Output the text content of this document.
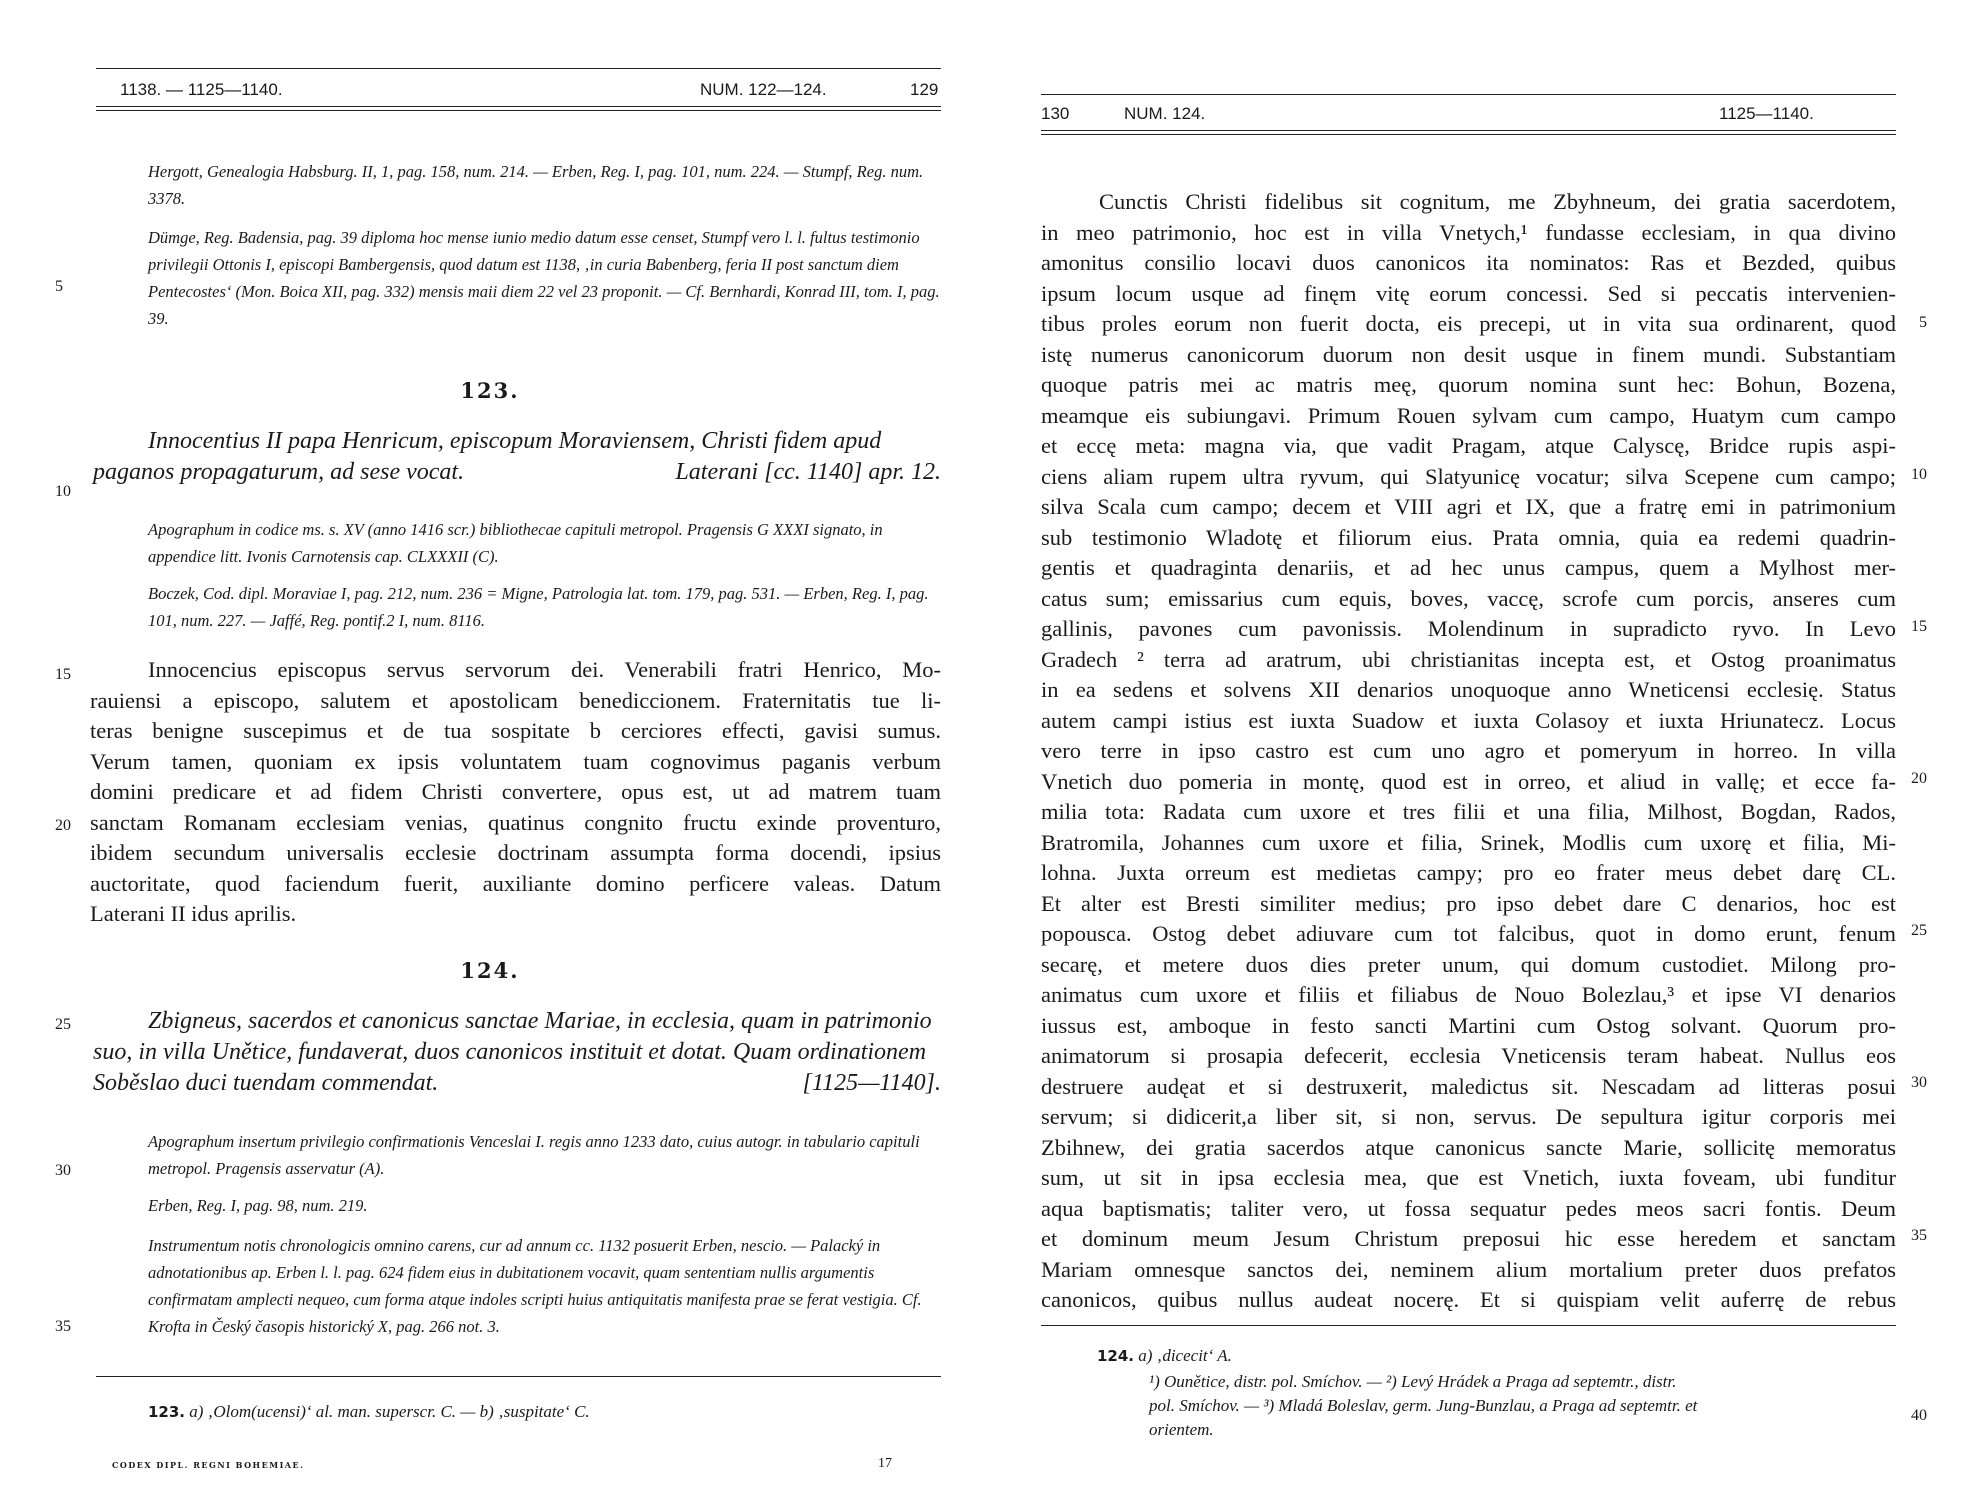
1138. — 1125—1140.	NUM. 122—124.	129

Hergott, Genealogia Habsburg. II, 1, pag. 158, num. 214. — Erben, Reg. I, pag. 101, num. 224. — Stumpf, Reg. num. 3378.

Dümge, Reg. Badensia, pag. 39 diploma hoc mense iunio medio datum esse censet, Stumpf vero l. l. fultus testimonio privilegii Ottonis I, episcopi Bambergensis, quod datum est 1138, ‚in curia Babenberg, feria II post sanctum diem Pentecostes‘ (Mon. Boica XII, pag. 332) mensis maii diem 22 vel 23 proponit. — Cf. Bernhardi, Konrad III, tom. I, pag. 39.

123.

Innocentius II papa Henricum, episcopum Moraviensem, Christi fidem apud paganos propagaturum, ad sese vocat.	Laterani [cc. 1140] apr. 12.

Apographum in codice ms. s. XV (anno 1416 scr.) bibliothecae capituli metropol. Pragensis G XXXI signato, in appendice litt. Ivonis Carnotensis cap. CLXXXII (C).

Boczek, Cod. dipl. Moraviae I, pag. 212, num. 236 = Migne, Patrologia lat. tom. 179, pag. 531. — Erben, Reg. I, pag. 101, num. 227. — Jaffé, Reg. pontif.2 I, num. 8116.

Innocencius episcopus servus servorum dei. Venerabili fratri Henrico, Mo-
rauiensi a episcopo, salutem et apostolicam benediccionem. Fraternitatis tue li-
teras benigne suscepimus et de tua sospitate b cerciores effecti, gavisi sumus.
Verum tamen, quoniam ex ipsis voluntatem tuam cognovimus paganis verbum
domini predicare et ad fidem Christi convertere, opus est, ut ad matrem tuam
sanctam Romanam ecclesiam venias, quatinus congnito fructu exinde proventuro,
ibidem secundum universalis ecclesie doctrinam assumpta forma docendi, ipsius
auctoritate, quod faciendum fuerit, auxiliante domino perficere valeas. Datum
Laterani II idus aprilis.
124.

Zbigneus, sacerdos et canonicus sanctae Mariae, in ecclesia, quam in patrimonio suo, in villa Unětice, fundaverat, duos canonicos instituit et dotat. Quam ordinationem Soběslao duci tuendam commendat.	[1125—1140].

Apographum insertum privilegio confirmationis Venceslai I. regis anno 1233 dato, cuius autogr. in tabulario capituli metropol. Pragensis asservatur (A).

Erben, Reg. I, pag. 98, num. 219.

Instrumentum notis chronologicis omnino carens, cur ad annum cc. 1132 posuerit Erben, nescio. — Palacký in adnotationibus ap. Erben l. l. pag. 624 fidem eius in dubitationem vocavit, quam sententiam nullis argumentis confirmatam amplecti nequeo, cum forma atque indoles scripti huius antiquitatis manifesta prae se ferat vestigia. Cf. Krofta in Český časopis historický X, pag. 266 not. 3.

5
10
15
20
25
30
35

123. a) ‚Olom(ucensi)‘ al. man. superscr. C. — b) ‚suspitate‘ C.

CODEX DIPL. REGNI BOHEMIAE.	17
130	NUM. 124.	1125—1140.
Cunctis Christi fidelibus sit cognitum, me Zbyhneum, dei gratia sacerdotem,
in meo patrimonio, hoc est in villa Vnetych,¹ fundasse ecclesiam, in qua divino
amonitus consilio locavi duos canonicos ita nominatos: Ras et Bezded, quibus
ipsum locum usque ad finęm vitę eorum concessi. Sed si peccatis intervenien-
tibus proles eorum non fuerit docta, eis precepi, ut in vita sua ordinarent, quod
istę numerus canonicorum duorum non desit usque in finem mundi. Substantiam
quoque patris mei ac matris meę, quorum nomina sunt hec: Bohun, Bozena,
meamque eis subiungavi. Primum Rouen sylvam cum campo, Huatym cum campo
et eccę meta: magna via, que vadit Pragam, atque Calyscę, Bridce rupis aspi-
ciens aliam rupem ultra ryvum, qui Slatyunicę vocatur; silva Scepene cum campo;
silva Scala cum campo; decem et VIII agri et IX, que a fratrę emi in patrimonium
sub testimonio Wladotę et filiorum eius. Prata omnia, quia ea redemi quadrin-
gentis et quadraginta denariis, et ad hec unus campus, quem a Mylhost mer-
catus sum; emissarius cum equis, boves, vaccę, scrofe cum porcis, anseres cum
gallinis, pavones cum pavonissis. Molendinum in supradicto ryvo. In Levo
Gradech ² terra ad aratrum, ubi christianitas incepta est, et Ostog proanimatus
in ea sedens et solvens XII denarios unoquoque anno Wneticensi ecclesię. Status
autem campi istius est iuxta Suadow et iuxta Colasoy et iuxta Hriunatecz. Locus
vero terre in ipso castro est cum uno agro et pomeryum in horreo. In villa
Vnetich duo pomeria in montę, quod est in orreo, et aliud in vallę; et ecce fa-
milia tota: Radata cum uxore et tres filii et una filia, Milhost, Bogdan, Rados,
Bratromila, Johannes cum uxore et filia, Srinek, Modlis cum uxorę et filia, Mi-
lohna. Juxta orreum est medietas campy; pro eo frater meus debet darę CL.
Et alter est Bresti similiter medius; pro ipso debet dare C denarios, hoc est
popousca. Ostog debet adiuvare cum tot falcibus, quot in domo erunt, fenum
secarę, et metere duos dies preter unum, qui domum custodiet. Milong pro-
animatus cum uxore et filiis et filiabus de Nouo Bolezlau,³ et ipse VI denarios
iussus est, amboque in festo sancti Martini cum Ostog solvant. Quorum pro-
animatorum si prosapia defecerit, ecclesia Vneticensis teram habeat. Nullus eos
destruere audęat et si destruxerit, maledictus sit. Nescadam ad litteras posui
servum; si didicerit,a liber sit, si non, servus. De sepultura igitur corporis mei
Zbihnew, dei gratia sacerdos atque canonicus sancte Marie, sollicitę memoratus
sum, ut sit in ipsa ecclesia mea, que est Vnetich, iuxta foveam, ubi funditur
aqua baptismatis; taliter vero, ut fossa sequatur pedes meos sacri fontis. Deum
et dominum meum Jesum Christum preposui hic esse heredem et sanctam
Mariam omnesque sanctos dei, neminem alium mortalium preter duos prefatos
canonicos, quibus nullus audeat nocerę. Et si quispiam velit auferrę de rebus
5
10
15
20
25
30
35
40

124. a) ‚dicecit‘ A.

¹) Ounětice, distr. pol. Smíchov. — ²) Levý Hrádek a Praga ad septemtr., distr.
pol. Smíchov. — ³) Mladá Boleslav, germ. Jung-Bunzlau, a Praga ad septemtr. et
orientem.
